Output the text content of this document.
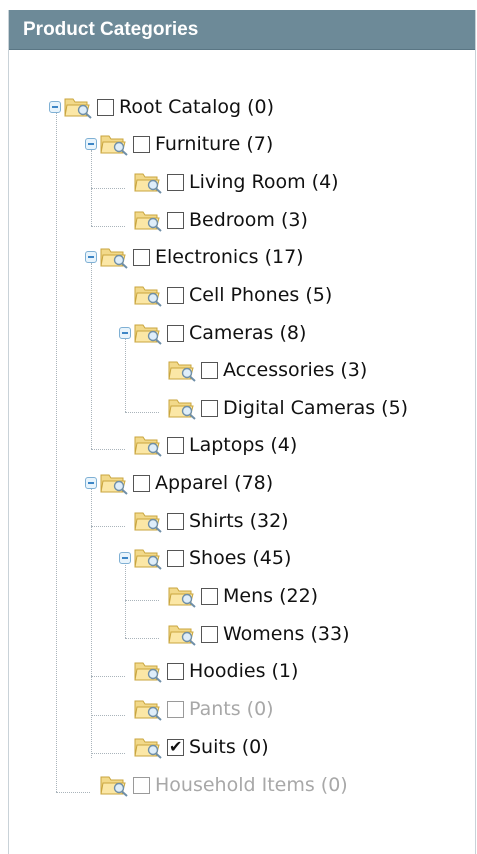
Product Categories
Root Catalog (0)
Furniture (7)
Living Room (4)
Bedroom (3)
Electronics (17)
Cell Phones (5)
Cameras (8)
Accessories (3)
Digital Cameras (5)
Laptops (4)
Apparel (78)
Shirts (32)
Shoes (45)
Mens (22)
Womens (33)
Hoodies (1)
Pants (0)
✔
Suits (0)
Household Items (0)
